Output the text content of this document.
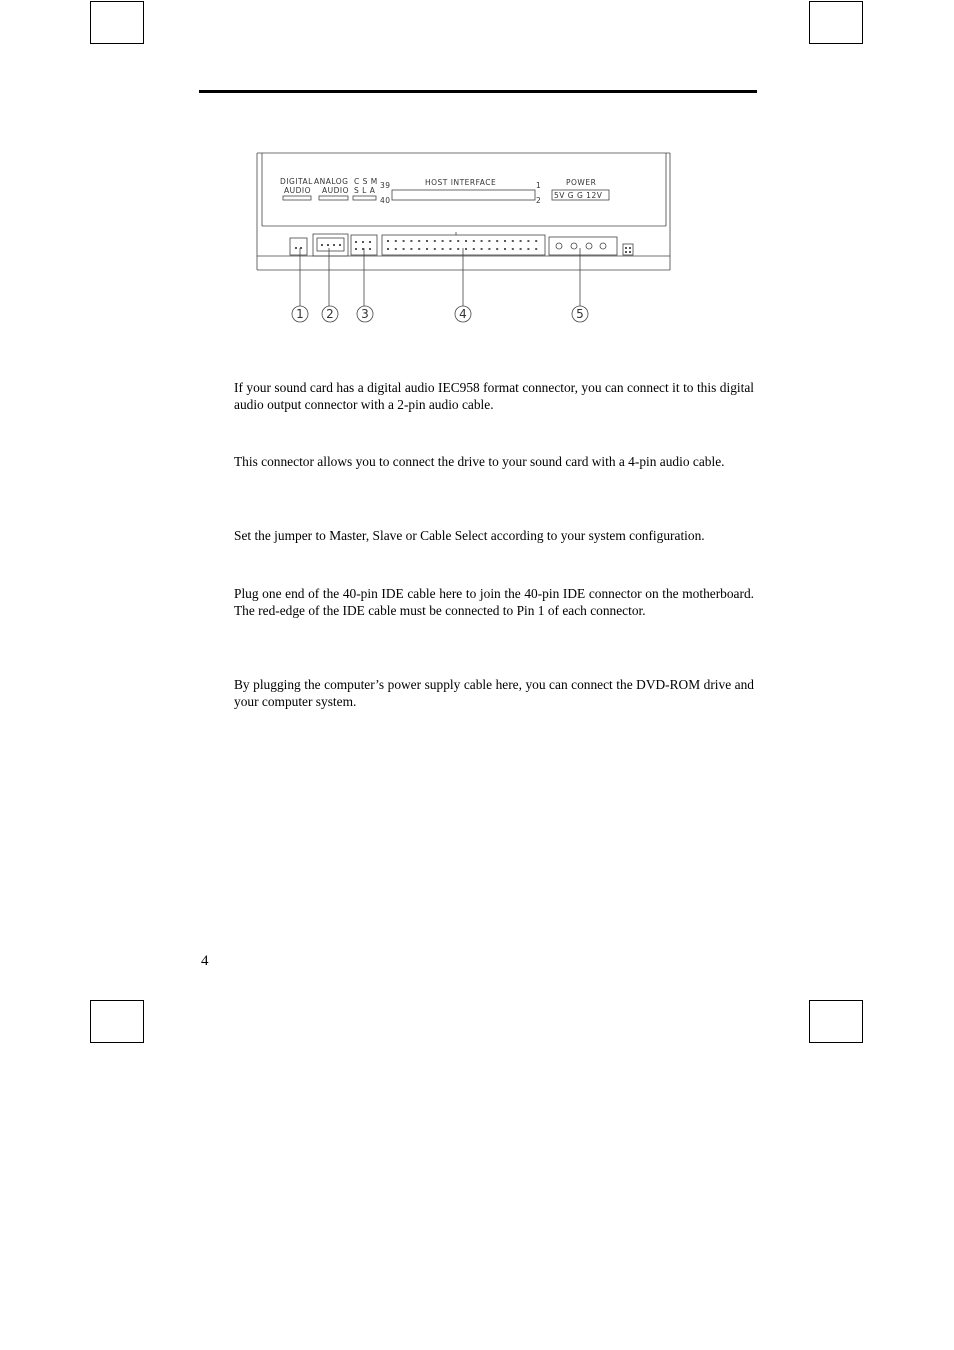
DIGITAL ANALOG
AUDIO AUDIO
C S M
S L A
39
40
HOST INTERFACE	1
2
POWER
5V G G 12V
1 2 3	4	5

If your sound card has a digital audio IEC958 format connector, you can connect it to this digital audio output connector with a 2-pin audio cable.

This connector allows you to connect the drive to your sound card with a 4-pin audio cable.

Set the jumper to Master, Slave or Cable Select according to your system configuration.

Plug one end of the 40-pin IDE cable here to join the 40-pin IDE connector on the motherboard. The red-edge of the IDE cable must be connected to Pin 1 of each connector.

By plugging the computer’s power supply cable here, you can connect the DVD-ROM drive and your computer system.

4
